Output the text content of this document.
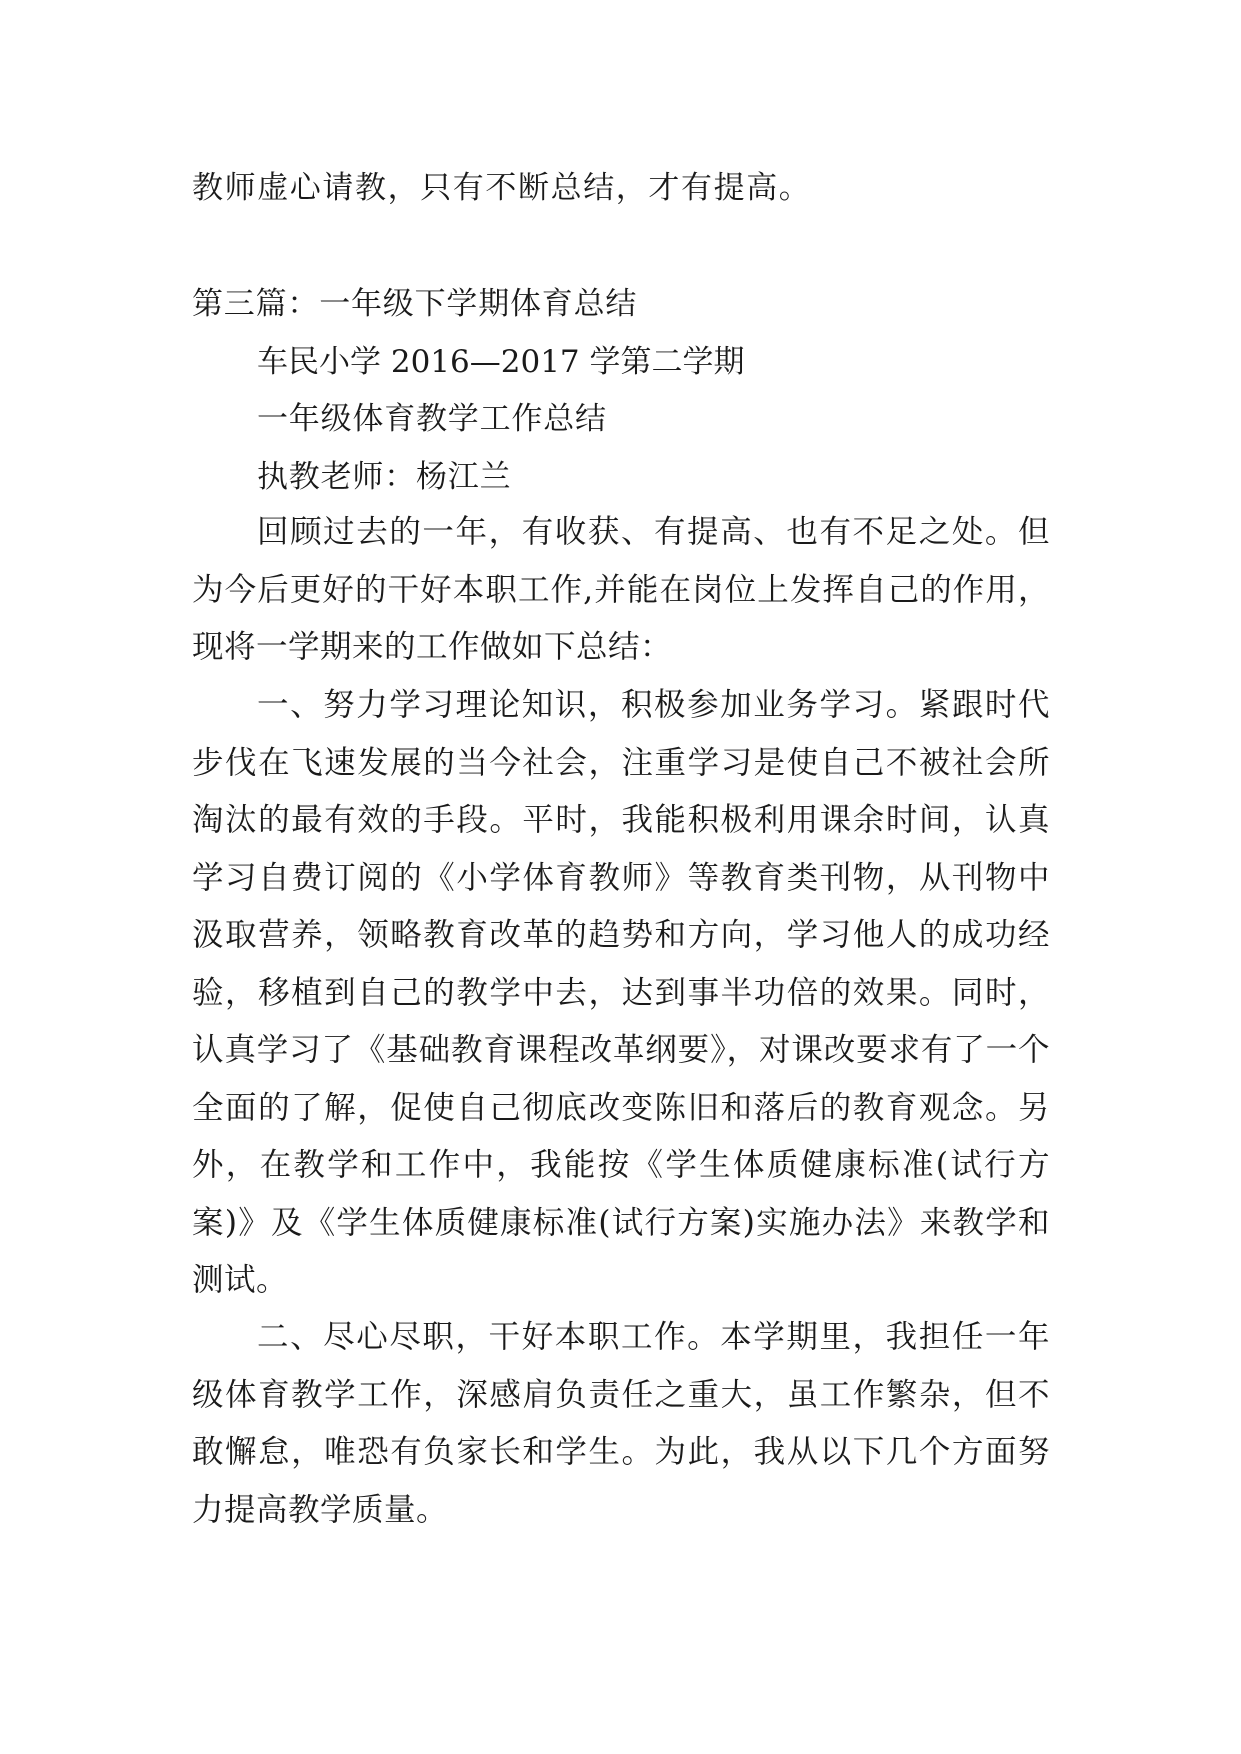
教师虚心请教，只有不断总结，才有提高。

第三篇：一年级下学期体育总结

车民小学 2016—2017 学第二学期

一年级体育教学工作总结

执教老师：杨江兰

回顾过去的一年，有收获、有提高、也有不足之处。但为今后更好的干好本职工作,并能在岗位上发挥自己的作用，现将一学期来的工作做如下总结：

一、努力学习理论知识，积极参加业务学习。紧跟时代步伐在飞速发展的当今社会，注重学习是使自己不被社会所淘汰的最有效的手段。平时，我能积极利用课余时间，认真学习自费订阅的《小学体育教师》等教育类刊物，从刊物中汲取营养，领略教育改革的趋势和方向，学习他人的成功经验，移植到自己的教学中去，达到事半功倍的效果。同时，认真学习了《基础教育课程改革纲要》，对课改要求有了一个全面的了解，促使自己彻底改变陈旧和落后的教育观念。另外，在教学和工作中，我能按《学生体质健康标准(试行方案)》及《学生体质健康标准(试行方案)实施办法》来教学和测试。

二、尽心尽职，干好本职工作。本学期里，我担任一年级体育教学工作，深感肩负责任之重大，虽工作繁杂，但不敢懈怠，唯恐有负家长和学生。为此，我从以下几个方面努力提高教学质量。
